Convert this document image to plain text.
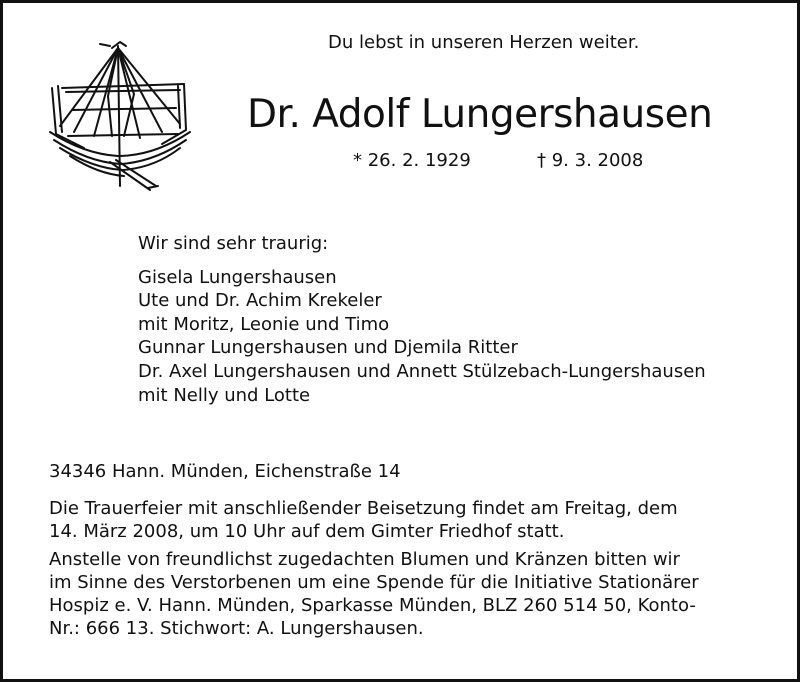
Du lebst in unseren Herzen weiter.
Dr. Adolf Lungershausen
* 26. 2. 1929	† 9. 3. 2008
Wir sind sehr traurig:
Gisela Lungershausen
Ute und Dr. Achim Krekeler
mit Moritz, Leonie und Timo
Gunnar Lungershausen und Djemila Ritter
Dr. Axel Lungershausen und Annett Stülzebach-Lungershausen
mit Nelly und Lotte
34346 Hann. Münden, Eichenstraße 14
Die Trauerfeier mit anschließender Beisetzung findet am Freitag, dem
14. März 2008, um 10 Uhr auf dem Gimter Friedhof statt.
Anstelle von freundlichst zugedachten Blumen und Kränzen bitten wir
im Sinne des Verstorbenen um eine Spende für die Initiative Stationärer
Hospiz e. V. Hann. Münden, Sparkasse Münden, BLZ 260 514 50, Konto-
Nr.: 666 13. Stichwort: A. Lungershausen.
